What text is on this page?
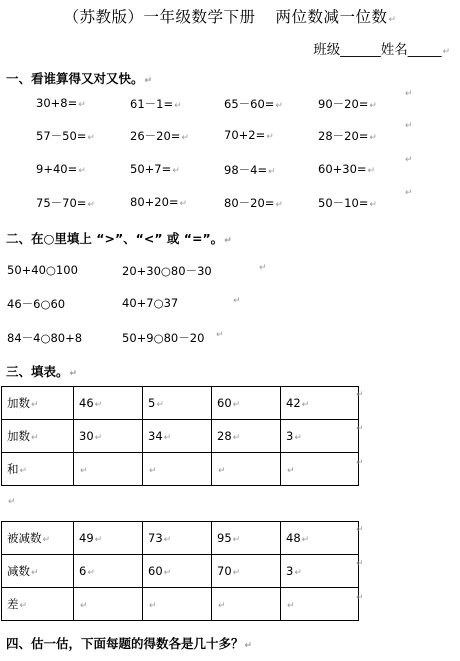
（苏教版）一年级数学下册 两位数减一位数↵
班级______姓名_____↵
一、看谁算得又对又快。↵
30+8=↵	61－1=↵	65－60=↵	90－20=↵
↵
57－50=↵	26－20=↵	70+2=↵	28－20=↵
↵
9+40=↵	50+7=↵	98－4=↵	60+30=↵
↵
75－70=↵	80+20=↵	80－20=↵	50－10=↵
↵
二、在○里填上 “>”、“<” 或 “=”。↵
50+40○100	20+30○80－30	↵
46－6○60	40+7○37	↵
84－4○80+8	50+9○80－20 ↵
三、填表。↵
加数↵	46↵	5↵	60↵	42↵
加数↵	30↵	34↵	28↵	3↵
和↵	↵	↵	↵	↵
↵
↵
↵
↵
被减数↵	49↵	73↵	95↵	48↵
减数↵	6↵	60↵	70↵	3↵
差↵	↵	↵	↵	↵
↵
↵
↵
四、估一估，下面每题的得数各是几十多？↵
